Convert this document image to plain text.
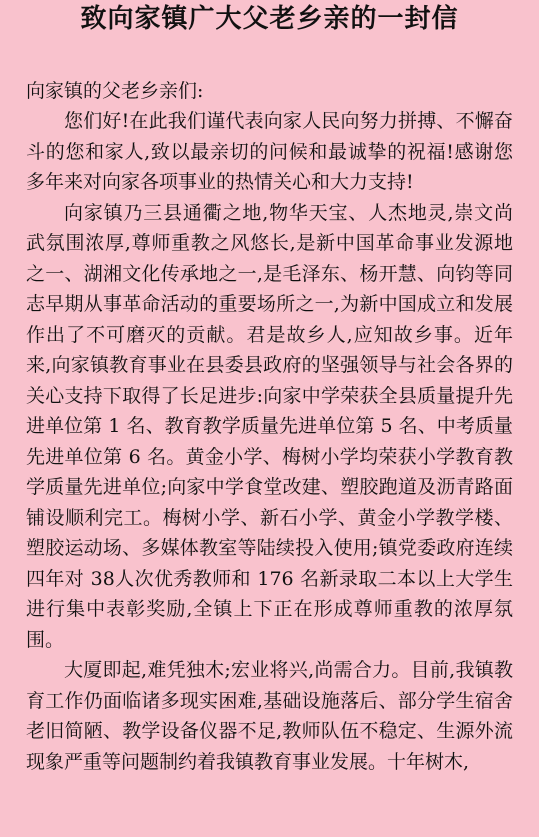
致向家镇广大父老乡亲的一封信

向家镇的父老乡亲们:

您们好!在此我们谨代表向家人民向努力拼搏、不懈奋斗的您和家人,致以最亲切的问候和最诚挚的祝福!感谢您多年来对向家各项事业的热情关心和大力支持!

向家镇乃三县通衢之地,物华天宝、人杰地灵,崇文尚武氛围浓厚,尊师重教之风悠长,是新中国革命事业发源地之一、湖湘文化传承地之一,是毛泽东、杨开慧、向钧等同志早期从事革命活动的重要场所之一,为新中国成立和发展作出了不可磨灭的贡献。君是故乡人,应知故乡事。近年来,向家镇教育事业在县委县政府的坚强领导与社会各界的关心支持下取得了长足进步:向家中学荣获全县质量提升先进单位第 1 名、教育教学质量先进单位第 5 名、中考质量先进单位第 6 名。黄金小学、梅树小学均荣获小学教育教学质量先进单位;向家中学食堂改建、塑胶跑道及沥青路面铺设顺利完工。梅树小学、新石小学、黄金小学教学楼、塑胶运动场、多媒体教室等陆续投入使用;镇党委政府连续四年对 38人次优秀教师和 176 名新录取二本以上大学生进行集中表彰奖励,全镇上下正在形成尊师重教的浓厚氛围。

大厦即起,难凭独木;宏业将兴,尚需合力。目前,我镇教育工作仍面临诸多现实困难,基础设施落后、部分学生宿舍老旧简陋、教学设备仪器不足,教师队伍不稳定、生源外流现象严重等问题制约着我镇教育事业发展。十年树木,
